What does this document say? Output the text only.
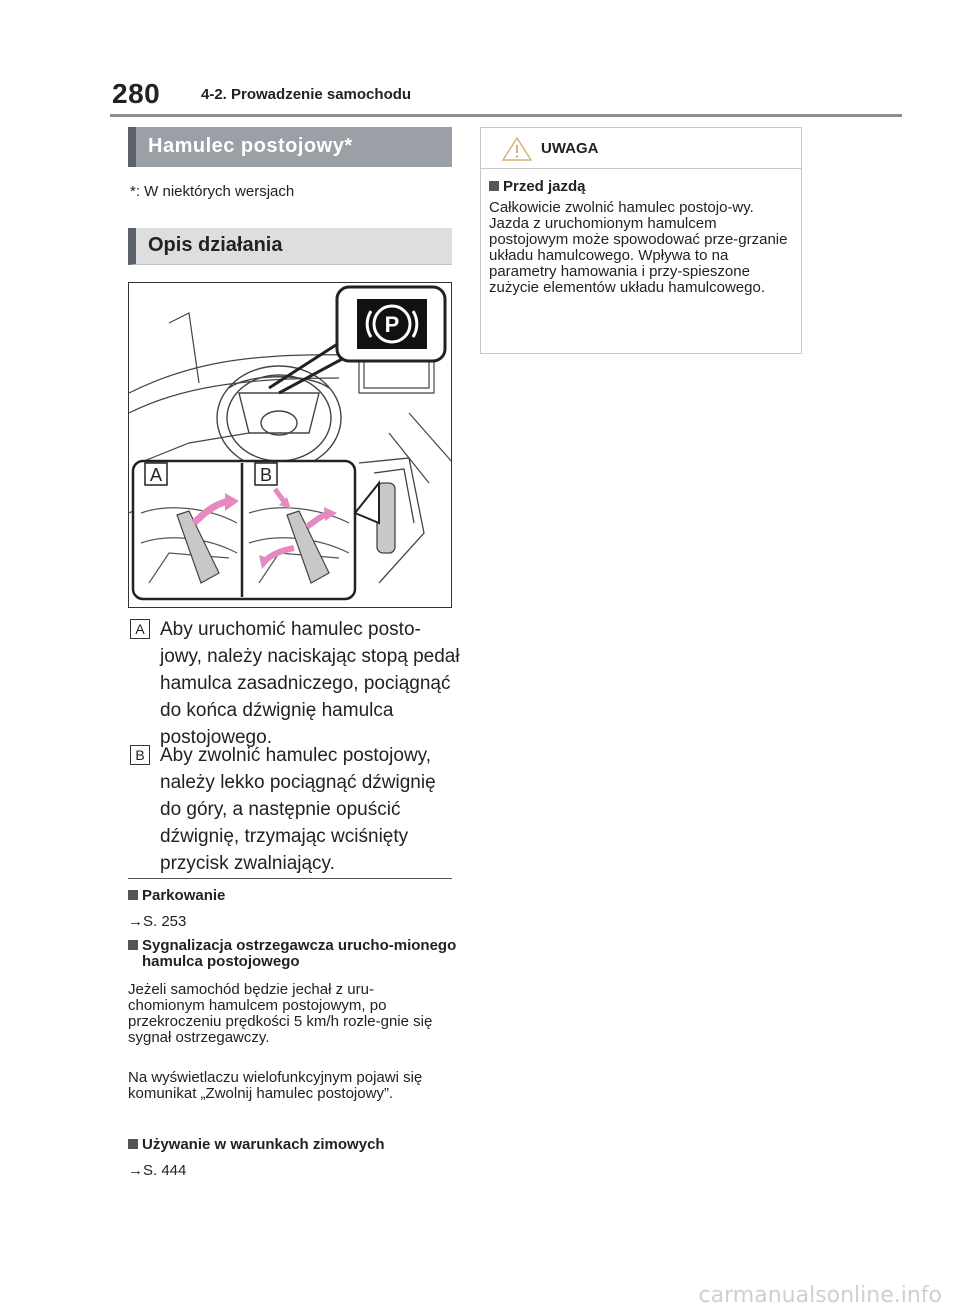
280	4-2. Prowadzenie samochodu
Hamulec postojowy*
*: W niektórych wersjach
Opis działania
P
A	B
A Aby uruchomić hamulec posto-jowy, należy naciskając stopą pedał hamulca zasadniczego, pociągnąć do końca dźwignię hamulca postojowego.
B Aby zwolnić hamulec postojowy, należy lekko pociągnąć dźwignię do góry, a następnie opuścić dźwignię, trzymając wciśnięty przycisk zwalniający.
Parkowanie
→S. 253
Sygnalizacja ostrzegawcza urucho-mionego hamulca postojowego
Jeżeli samochód będzie jechał z uru-chomionym hamulcem postojowym, po przekroczeniu prędkości 5 km/h rozle-gnie się sygnał ostrzegawczy.
Na wyświetlaczu wielofunkcyjnym pojawi się komunikat „Zwolnij hamulec postojowy”.
Używanie w warunkach zimowych
→S. 444
UWAGA
Przed jazdą
Całkowicie zwolnić hamulec postojo-wy. Jazda z uruchomionym hamulcem postojowym może spowodować prze-grzanie układu hamulcowego. Wpływa to na parametry hamowania i przy-spieszone zużycie elementów układu hamulcowego.
carmanualsonline.info
